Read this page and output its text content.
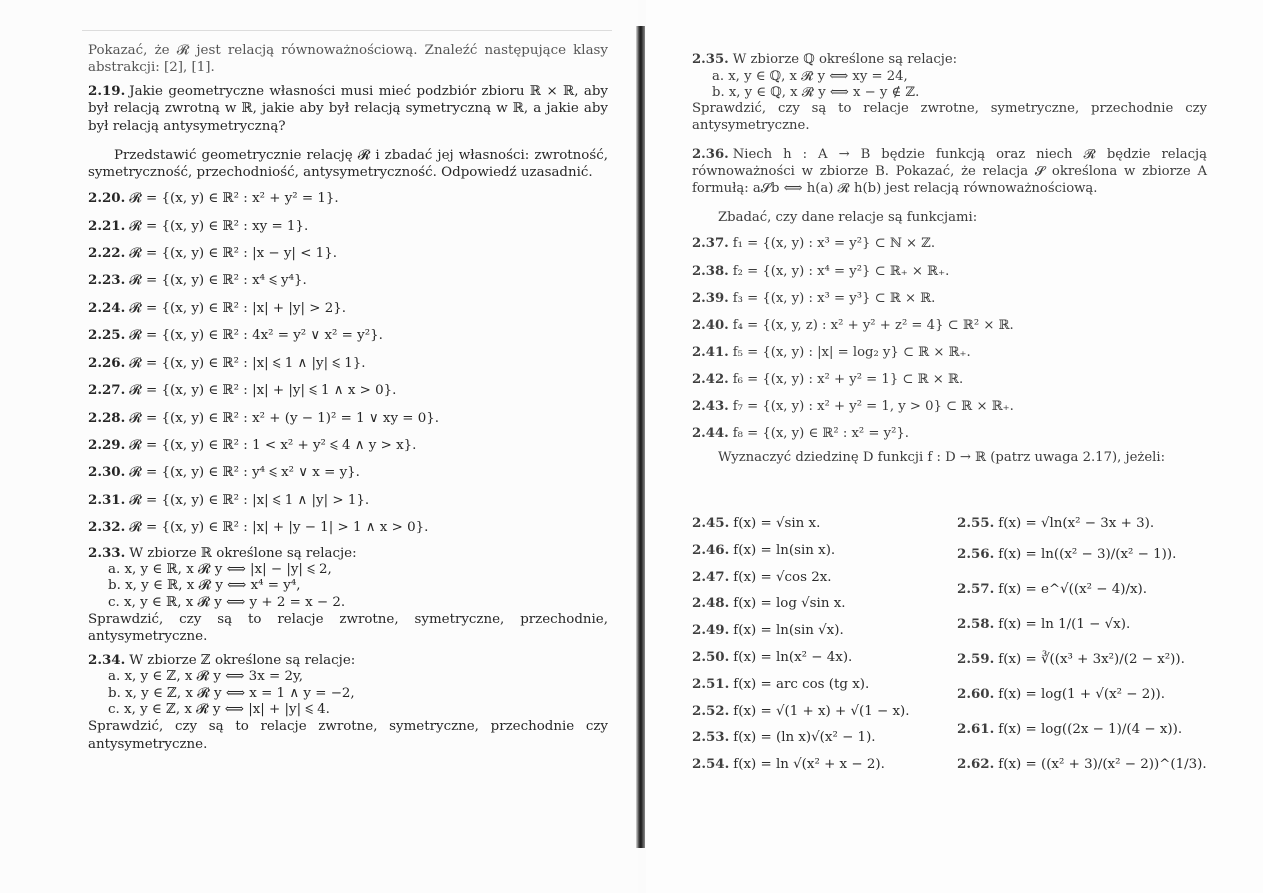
Pokazać, że 𝓡 jest relacją równoważnościową. Znaleźć następujące klasy abstrakcji: [2], [1].

2.19. Jakie geometryczne własności musi mieć podzbiór zbioru ℝ × ℝ, aby był relacją zwrotną w ℝ, jakie aby był relacją symetryczną w ℝ, a jakie aby był relacją antysymetryczną?

Przedstawić geometrycznie relację 𝓡 i zbadać jej własności: zwrotność, symetryczność, przechodniość, antysymetryczność. Odpowiedź uzasadnić.

2.20. 𝓡 = {(x, y) ∈ ℝ² : x² + y² = 1}.

2.21. 𝓡 = {(x, y) ∈ ℝ² : xy = 1}.

2.22. 𝓡 = {(x, y) ∈ ℝ² : |x − y| < 1}.

2.23. 𝓡 = {(x, y) ∈ ℝ² : x⁴ ⩽ y⁴}.

2.24. 𝓡 = {(x, y) ∈ ℝ² : |x| + |y| > 2}.

2.25. 𝓡 = {(x, y) ∈ ℝ² : 4x² = y² ∨ x² = y²}.

2.26. 𝓡 = {(x, y) ∈ ℝ² : |x| ⩽ 1 ∧ |y| ⩽ 1}.

2.27. 𝓡 = {(x, y) ∈ ℝ² : |x| + |y| ⩽ 1 ∧ x > 0}.

2.28. 𝓡 = {(x, y) ∈ ℝ² : x² + (y − 1)² = 1 ∨ xy = 0}.

2.29. 𝓡 = {(x, y) ∈ ℝ² : 1 < x² + y² ⩽ 4 ∧ y > x}.

2.30. 𝓡 = {(x, y) ∈ ℝ² : y⁴ ⩽ x² ∨ x = y}.

2.31. 𝓡 = {(x, y) ∈ ℝ² : |x| ⩽ 1 ∧ |y| > 1}.

2.32. 𝓡 = {(x, y) ∈ ℝ² : |x| + |y − 1| > 1 ∧ x > 0}.

2.33. W zbiorze ℝ określone są relacje:

a. x, y ∈ ℝ, x 𝓡 y ⟺ |x| − |y| ⩽ 2,

b. x, y ∈ ℝ, x 𝓡 y ⟺ x⁴ = y⁴,

c. x, y ∈ ℝ, x 𝓡 y ⟺ y + 2 = x − 2.

Sprawdzić, czy są to relacje zwrotne, symetryczne, przechodnie, antysymetryczne.

2.34. W zbiorze ℤ określone są relacje:

a. x, y ∈ ℤ, x 𝓡 y ⟺ 3x = 2y,

b. x, y ∈ ℤ, x 𝓡 y ⟺ x = 1 ∧ y = −2,

c. x, y ∈ ℤ, x 𝓡 y ⟺ |x| + |y| ⩽ 4.

Sprawdzić, czy są to relacje zwrotne, symetryczne, przechodnie czy antysymetryczne.

2.35. W zbiorze ℚ określone są relacje:

a. x, y ∈ ℚ, x 𝓡 y ⟺ xy = 24,

b. x, y ∈ ℚ, x 𝓡 y ⟺ x − y ∉ ℤ.

Sprawdzić, czy są to relacje zwrotne, symetryczne, przechodnie czy antysymetryczne.

2.36. Niech h : A → B będzie funkcją oraz niech 𝓡 będzie relacją równoważności w zbiorze B. Pokazać, że relacja 𝓢 określona w zbiorze A formułą: a𝓢b ⟺ h(a) 𝓡 h(b) jest relacją równoważnościową.

Zbadać, czy dane relacje są funkcjami:

2.37. f₁ = {(x, y) : x³ = y²} ⊂ ℕ × ℤ.

2.38. f₂ = {(x, y) : x⁴ = y²} ⊂ ℝ₊ × ℝ₊.

2.39. f₃ = {(x, y) : x³ = y³} ⊂ ℝ × ℝ.

2.40. f₄ = {(x, y, z) : x² + y² + z² = 4} ⊂ ℝ² × ℝ.

2.41. f₅ = {(x, y) : |x| = log₂ y} ⊂ ℝ × ℝ₊.

2.42. f₆ = {(x, y) : x² + y² = 1} ⊂ ℝ × ℝ.

2.43. f₇ = {(x, y) : x² + y² = 1, y > 0} ⊂ ℝ × ℝ₊.

2.44. f₈ = {(x, y) ∈ ℝ² : x² = y²}.

Wyznaczyć dziedzinę D funkcji f : D → ℝ (patrz uwaga 2.17), jeżeli:

2.45. f(x) = √sin x.

2.46. f(x) = ln(sin x).

2.47. f(x) = √cos 2x.

2.48. f(x) = log √sin x.

2.49. f(x) = ln(sin √x).

2.50. f(x) = ln(x² − 4x).

2.51. f(x) = arc cos (tg x).

2.52. f(x) = √(1 + x) + √(1 − x).

2.53. f(x) = (ln x)√(x² − 1).

2.54. f(x) = ln √(x² + x − 2).

2.55. f(x) = √ln(x² − 3x + 3).

2.56. f(x) = ln((x² − 3)/(x² − 1)).

2.57. f(x) = e^√((x² − 4)/x).

2.58. f(x) = ln 1/(1 − √x).

2.59. f(x) = ∛((x³ + 3x²)/(2 − x²)).

2.60. f(x) = log(1 + √(x² − 2)).

2.61. f(x) = log((2x − 1)/(4 − x)).

2.62. f(x) = ((x² + 3)/(x² − 2))^(1/3).
